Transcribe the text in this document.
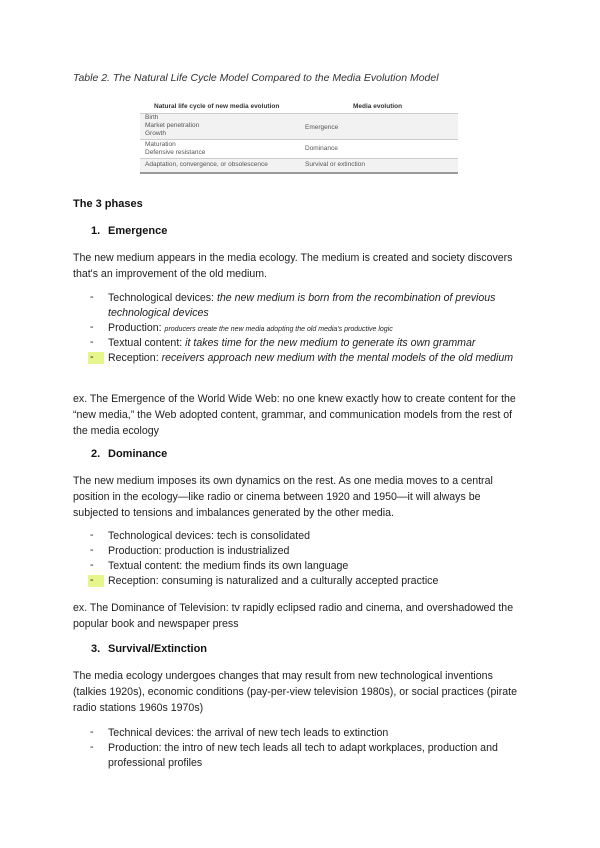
Table 2. The Natural Life Cycle Model Compared to the Media Evolution Model
Natural life cycle of new media evolution	Media evolution
Birth
Market penetration
Growth
Emergence
Maturation
Defensive resistance
Dominance
Adaptation, convergence, or obsolescence	Survival or extinction
The 3 phases
1. Emergence

The new medium appears in the media ecology. The medium is created and society discovers that's an improvement of the old medium.

- Technological devices: the new medium is born from the recombination of previous technological devices
- Production: producers create the new media adopting the old media's productive logic
- Textual content: it takes time for the new medium to generate its own grammar
- Reception: receivers approach new medium with the mental models of the old medium

ex. The Emergence of the World Wide Web: no one knew exactly how to create content for the “new media,” the Web adopted content, grammar, and communication models from the rest of the media ecology

2. Dominance

The new medium imposes its own dynamics on the rest. As one media moves to a central position in the ecology—like radio or cinema between 1920 and 1950—it will always be subjected to tensions and imbalances generated by the other media.

- Technological devices: tech is consolidated
- Production: production is industrialized
- Textual content: the medium finds its own language
- Reception: consuming is naturalized and a culturally accepted practice

ex. The Dominance of Television: tv rapidly eclipsed radio and cinema, and overshadowed the popular book and newspaper press

3. Survival/Extinction

The media ecology undergoes changes that may result from new technological inventions (talkies 1920s), economic conditions (pay-per-view television 1980s), or social practices (pirate radio stations 1960s 1970s)

- Technical devices: the arrival of new tech leads to extinction
- Production: the intro of new tech leads all tech to adapt workplaces, production and professional profiles
